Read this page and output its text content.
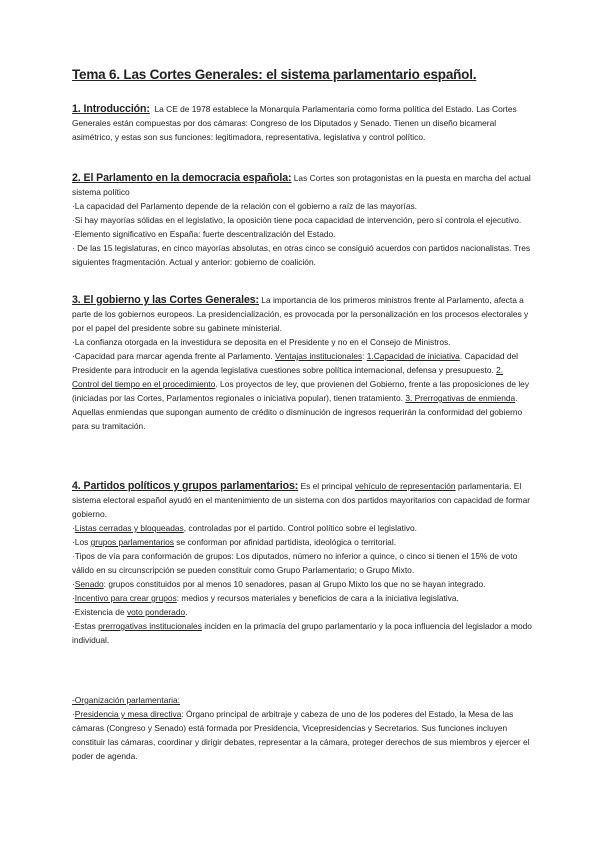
Tema 6. Las Cortes Generales: el sistema parlamentario español.

1. Introducción: La CE de 1978 establece la Monarquía Parlamentaria como forma política del Estado. Las Cortes Generales están compuestas por dos cámaras: Congreso de los Diputados y Senado. Tienen un diseño bicameral asimétrico, y estas son sus funciones: legitimadora, representativa, legislativa y control político.

2. El Parlamento en la democracia española: Las Cortes son protagonistas en la puesta en marcha del actual sistema político

·La capacidad del Parlamento depende de la relación con el gobierno a raíz de las mayorías.

·Si hay mayorías sólidas en el legislativo, la oposición tiene poca capacidad de intervención, pero sí controla el ejecutivo.

·Elemento significativo en España: fuerte descentralización del Estado.

· De las 15 legislaturas, en cinco mayorías absolutas, en otras cinco se consiguió acuerdos con partidos nacionalistas. Tres siguientes fragmentación. Actual y anterior: gobierno de coalición.

3. El gobierno y las Cortes Generales: La importancia de los primeros ministros frente al Parlamento, afecta a parte de los gobiernos europeos. La presidencialización, es provocada por la personalización en los procesos electorales y por el papel del presidente sobre su gabinete ministerial.

·La confianza otorgada en la investidura se deposita en el Presidente y no en el Consejo de Ministros.

·Capacidad para marcar agenda frente al Parlamento. Ventajas institucionales: 1.Capacidad de iniciativa. Capacidad del Presidente para introducir en la agenda legislativa cuestiones sobre política internacional, defensa y presupuesto. 2. Control del tiempo en el procedimiento. Los proyectos de ley, que provienen del Gobierno, frente a las proposiciones de ley (iniciadas por las Cortes, Parlamentos regionales o iniciativa popular), tienen tratamiento. 3. Prerrogativas de enmienda. Aquellas enmiendas que supongan aumento de crédito o disminución de ingresos requerirán la conformidad del gobierno para su tramitación.

4. Partidos políticos y grupos parlamentarios: Es el principal vehículo de representación parlamentaria. El sistema electoral español ayudó en el mantenimiento de un sistema con dos partidos mayoritarios con capacidad de formar gobierno.

·Listas cerradas y bloqueadas, controladas por el partido. Control político sobre el legislativo.

·Los grupos parlamentarios se conforman por afinidad partidista, ideológica o territorial.

·Tipos de vía para conformación de grupos: Los diputados, número no inferior a quince, o cinco si tienen el 15% de voto válido en su circunscripción se pueden constituir como Grupo Parlamentario; o Grupo Mixto.

·Senado: grupos constituidos por al menos 10 senadores, pasan al Grupo Mixto los que no se hayan integrado.

·Incentivo para crear grupos: medios y recursos materiales y beneficios de cara a la iniciativa legislativa.

·Existencia de voto ponderado.

·Estas prerrogativas institucionales inciden en la primacía del grupo parlamentario y la poca influencia del legislador a modo individual.

-Organización parlamentaria:

·Presidencia y mesa directiva: Órgano principal de arbitraje y cabeza de uno de los poderes del Estado, la Mesa de las cámaras (Congreso y Senado) está formada por Presidencia, Vicepresidencias y Secretarios. Sus funciones incluyen constituir las cámaras, coordinar y dirigir debates, representar a la cámara, proteger derechos de sus miembros y ejercer el poder de agenda.
